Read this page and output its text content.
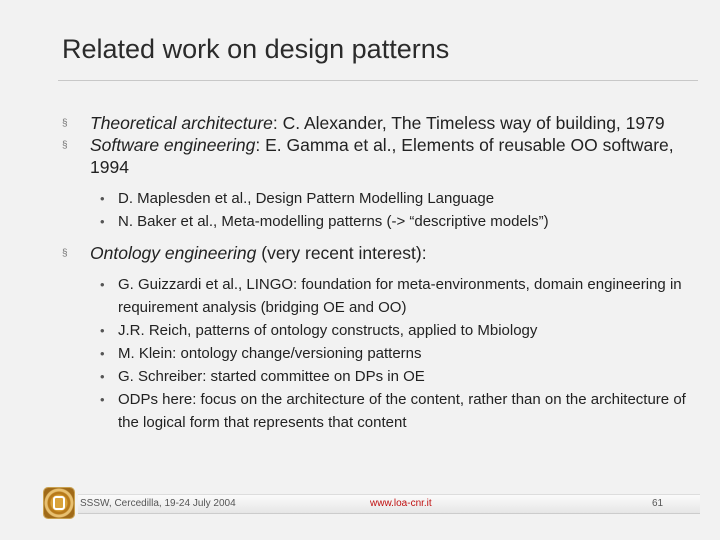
Related work on design patterns

§ Theoretical architecture: C. Alexander, The Timeless way of building, 1979

§ Software engineering: E. Gamma et al., Elements of reusable OO software, 1994

• D. Maplesden et al., Design Pattern Modelling Language

• N. Baker et al., Meta-modelling patterns (-> “descriptive models”)

§ Ontology engineering (very recent interest):

• G. Guizzardi et al., LINGO: foundation for meta-environments, domain engineering in requirement analysis (bridging OE and OO)

• J.R. Reich, patterns of ontology constructs, applied to Mbiology

• M. Klein: ontology change/versioning patterns

• G. Schreiber: started committee on DPs in OE

• ODPs here: focus on the architecture of the content, rather than on the architecture of the logical form that represents that content

SSSW, Cercedilla, 19-24 July 2004	www.loa-cnr.it	61
